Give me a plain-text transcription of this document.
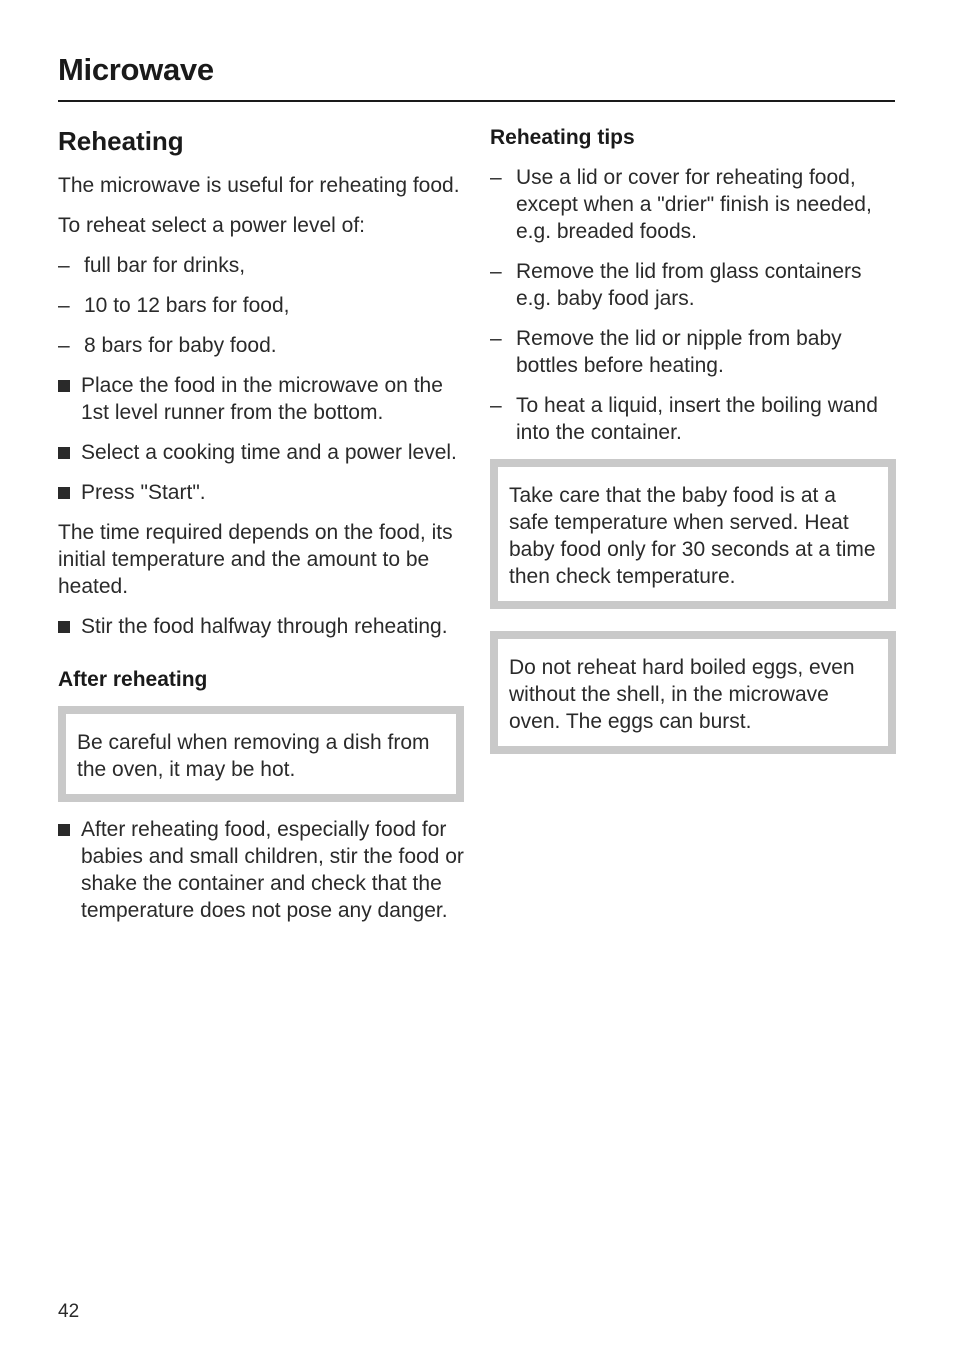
Microwave
Reheating
The microwave is useful for reheating food.
To reheat select a power level of:
– full bar for drinks,
– 10 to 12 bars for food,
– 8 bars for baby food.
Place the food in the microwave on the 1st level runner from the bottom.
Select a cooking time and a power level.
Press "Start".
The time required depends on the food, its initial temperature and the amount to be heated.
Stir the food halfway through reheating.
After reheating
Be careful when removing a dish from the oven, it may be hot.
After reheating food, especially food for babies and small children, stir the food or shake the container and check that the temperature does not pose any danger.
Reheating tips
– Use a lid or cover for reheating food, except when a "drier" finish is needed, e.g. breaded foods.
– Remove the lid from glass containers e.g. baby food jars.
– Remove the lid or nipple from baby bottles before heating.
– To heat a liquid, insert the boiling wand into the container.
Take care that the baby food is at a safe temperature when served. Heat baby food only for 30 seconds at a time then check temperature.
Do not reheat hard boiled eggs, even without the shell, in the microwave oven. The eggs can burst.
42
